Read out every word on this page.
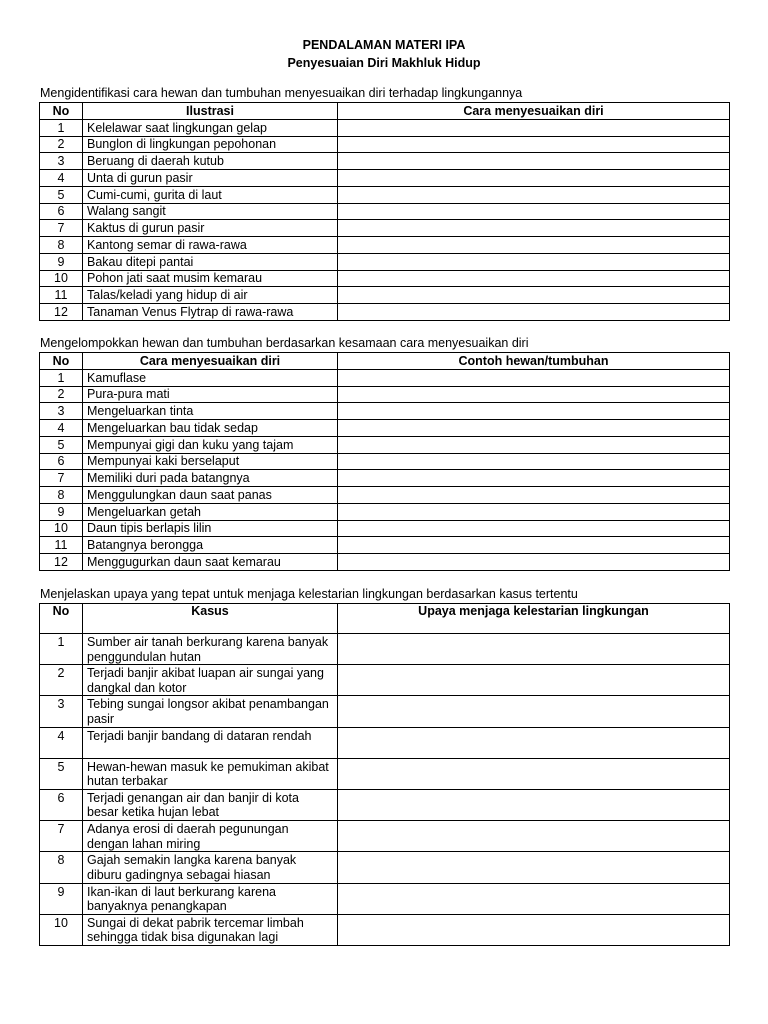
PENDALAMAN MATERI IPA
Penyesuaian Diri Makhluk Hidup
Mengidentifikasi cara hewan dan tumbuhan menyesuaikan diri terhadap lingkungannya
No	Ilustrasi	Cara menyesuaikan diri
1	Kelelawar saat lingkungan gelap	
2	Bunglon di lingkungan pepohonan	
3	Beruang di daerah kutub	
4	Unta di gurun pasir	
5	Cumi-cumi, gurita di laut	
6	Walang sangit	
7	Kaktus di gurun pasir	
8	Kantong semar di rawa-rawa	
9	Bakau ditepi pantai	
10	Pohon jati saat musim kemarau	
11	Talas/keladi yang hidup di air	
12	Tanaman Venus Flytrap di rawa-rawa	
Mengelompokkan hewan dan tumbuhan berdasarkan kesamaan cara menyesuaikan diri
No	Cara menyesuaikan diri	Contoh hewan/tumbuhan
1	Kamuflase	
2	Pura-pura mati	
3	Mengeluarkan tinta	
4	Mengeluarkan bau tidak sedap	
5	Mempunyai gigi dan kuku yang tajam	
6	Mempunyai kaki berselaput	
7	Memiliki duri pada batangnya	
8	Menggulungkan daun saat panas	
9	Mengeluarkan getah	
10	Daun tipis berlapis lilin	
11	Batangnya berongga	
12	Menggugurkan daun saat kemarau	
Menjelaskan upaya yang tepat untuk menjaga kelestarian lingkungan berdasarkan kasus tertentu
No	Kasus	Upaya menjaga kelestarian lingkungan
1	Sumber air tanah berkurang karena banyak penggundulan hutan	
2	Terjadi banjir akibat luapan air sungai yang dangkal dan kotor	
3	Tebing sungai longsor akibat penambangan pasir	
4	Terjadi banjir bandang di dataran rendah	
5	Hewan-hewan masuk ke pemukiman akibat hutan terbakar	
6	Terjadi genangan air dan banjir di kota besar ketika hujan lebat	
7	Adanya erosi di daerah pegunungan dengan lahan miring	
8	Gajah semakin langka karena banyak diburu gadingnya sebagai hiasan	
9	Ikan-ikan di laut berkurang karena banyaknya penangkapan	
10	Sungai di dekat pabrik tercemar limbah sehingga tidak bisa digunakan lagi	
